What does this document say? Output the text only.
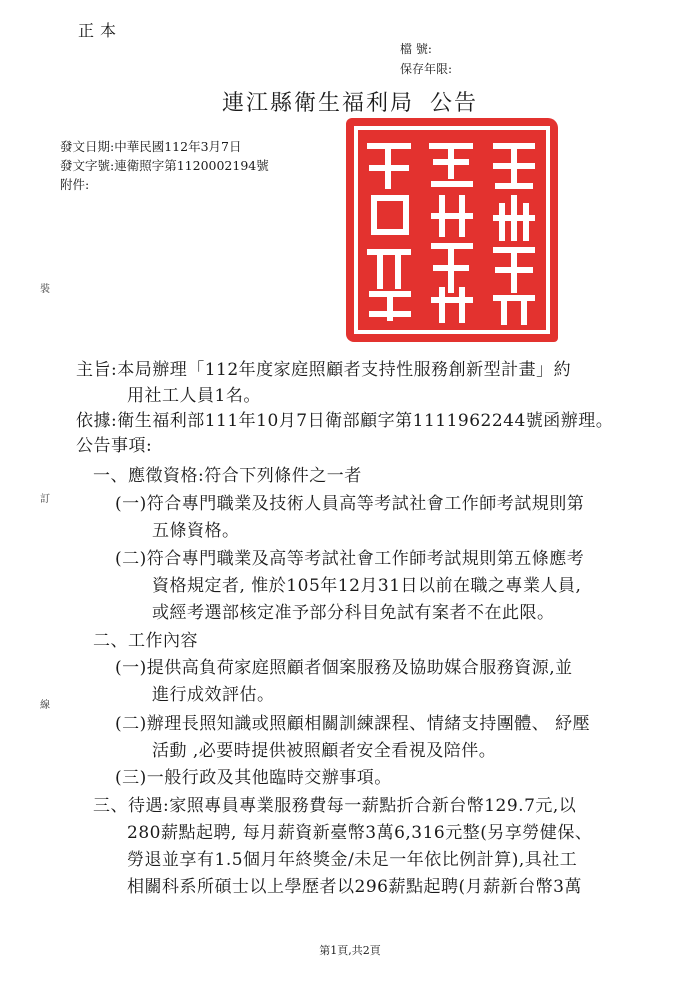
正本
檔 號:
保存年限:
連江縣衛生福利局 公告
發文日期:中華民國112年3月7日
發文字號:連衛照字第1120002194號
附件:
裝
訂
線
主旨:本局辦理「112年度家庭照顧者支持性服務創新型計畫」約
用社工人員1名。
依據:衛生福利部111年10月7日衛部顧字第1111962244號函辦理。
公告事項:
一、應徵資格:符合下列條件之一者
(一)符合專門職業及技術人員高等考試社會工作師考試規則第
五條資格。
(二)符合專門職業及高等考試社會工作師考試規則第五條應考
資格規定者, 惟於105年12月31日以前在職之專業人員,
或經考選部核定准予部分科目免試有案者不在此限。
二、工作內容
(一)提供高負荷家庭照顧者個案服務及協助媒合服務資源,並
進行成效評估。
(二)辦理長照知識或照顧相關訓練課程、情緒支持團體、 紓壓
活動 ,必要時提供被照顧者安全看視及陪伴。
(三)一般行政及其他臨時交辦事項。
三、待遇:家照專員專業服務費每一薪點折合新台幣129.7元,以
280薪點起聘, 每月薪資新臺幣3萬6,316元整(另享勞健保、
勞退並享有1.5個月年終獎金/未足一年依比例計算),具社工
相關科系所碩士以上學歷者以296薪點起聘(月薪新台幣3萬
第1頁,共2頁
